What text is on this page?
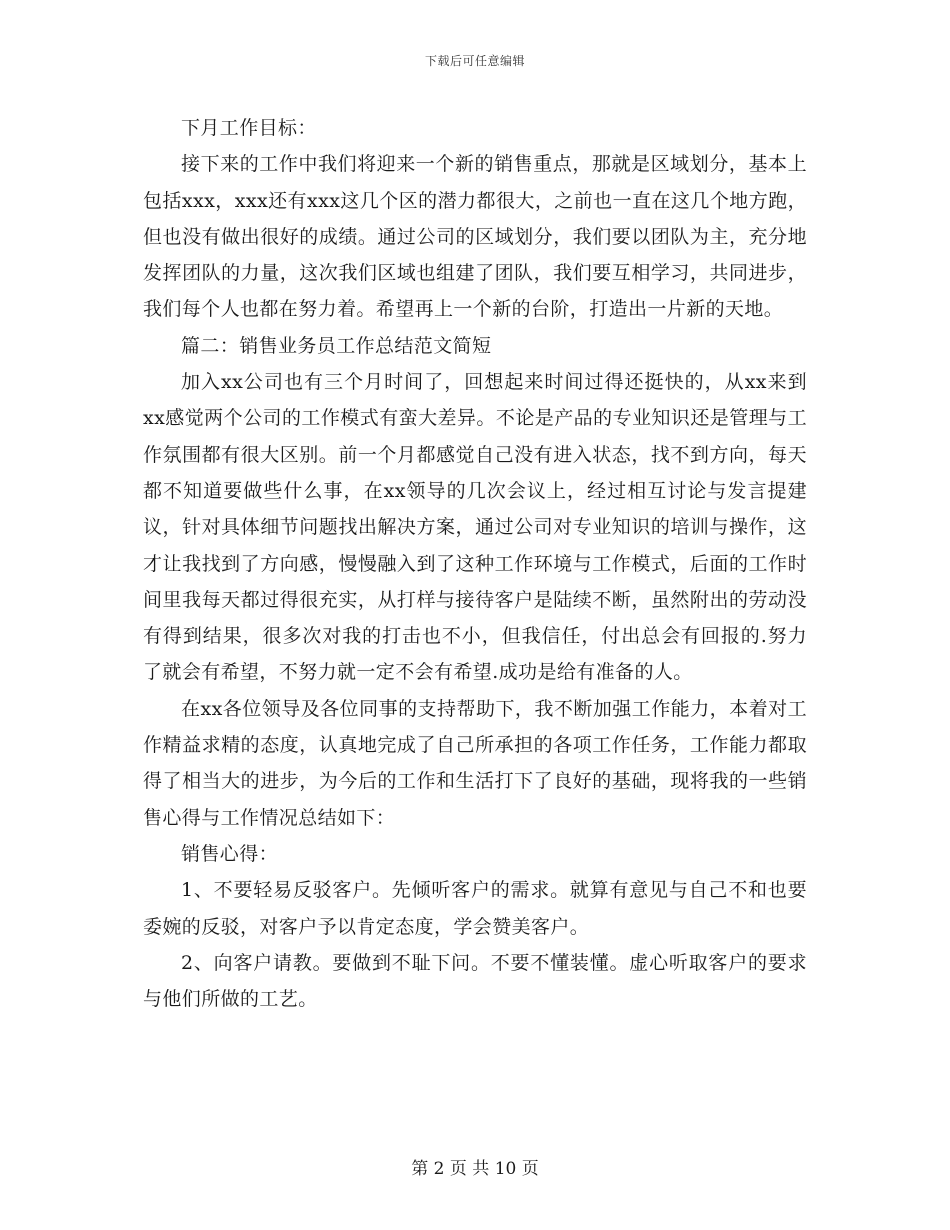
下载后可任意编辑

下月工作目标：

接下来的工作中我们将迎来一个新的销售重点，那就是区域划分，基本上包括xxx，xxx还有xxx这几个区的潜力都很大，之前也一直在这几个地方跑，但也没有做出很好的成绩。通过公司的区域划分，我们要以团队为主，充分地发挥团队的力量，这次我们区域也组建了团队，我们要互相学习，共同进步，我们每个人也都在努力着。希望再上一个新的台阶，打造出一片新的天地。

篇二：销售业务员工作总结范文简短

加入xx公司也有三个月时间了，回想起来时间过得还挺快的，从xx来到xx感觉两个公司的工作模式有蛮大差异。不论是产品的专业知识还是管理与工作氛围都有很大区别。前一个月都感觉自己没有进入状态，找不到方向，每天都不知道要做些什么事，在xx领导的几次会议上，经过相互讨论与发言提建议，针对具体细节问题找出解决方案，通过公司对专业知识的培训与操作，这才让我找到了方向感，慢慢融入到了这种工作环境与工作模式，后面的工作时间里我每天都过得很充实，从打样与接待客户是陆续不断，虽然附出的劳动没有得到结果，很多次对我的打击也不小，但我信任，付出总会有回报的.努力了就会有希望，不努力就一定不会有希望.成功是给有准备的人。

在xx各位领导及各位同事的支持帮助下，我不断加强工作能力，本着对工作精益求精的态度，认真地完成了自己所承担的各项工作任务，工作能力都取得了相当大的进步，为今后的工作和生活打下了良好的基础，现将我的一些销售心得与工作情况总结如下：

销售心得：

1、不要轻易反驳客户。先倾听客户的需求。就算有意见与自己不和也要委婉的反驳，对客户予以肯定态度，学会赞美客户。

2、向客户请教。要做到不耻下问。不要不懂装懂。虚心听取客户的要求与他们所做的工艺。

第 2 页 共 10 页
